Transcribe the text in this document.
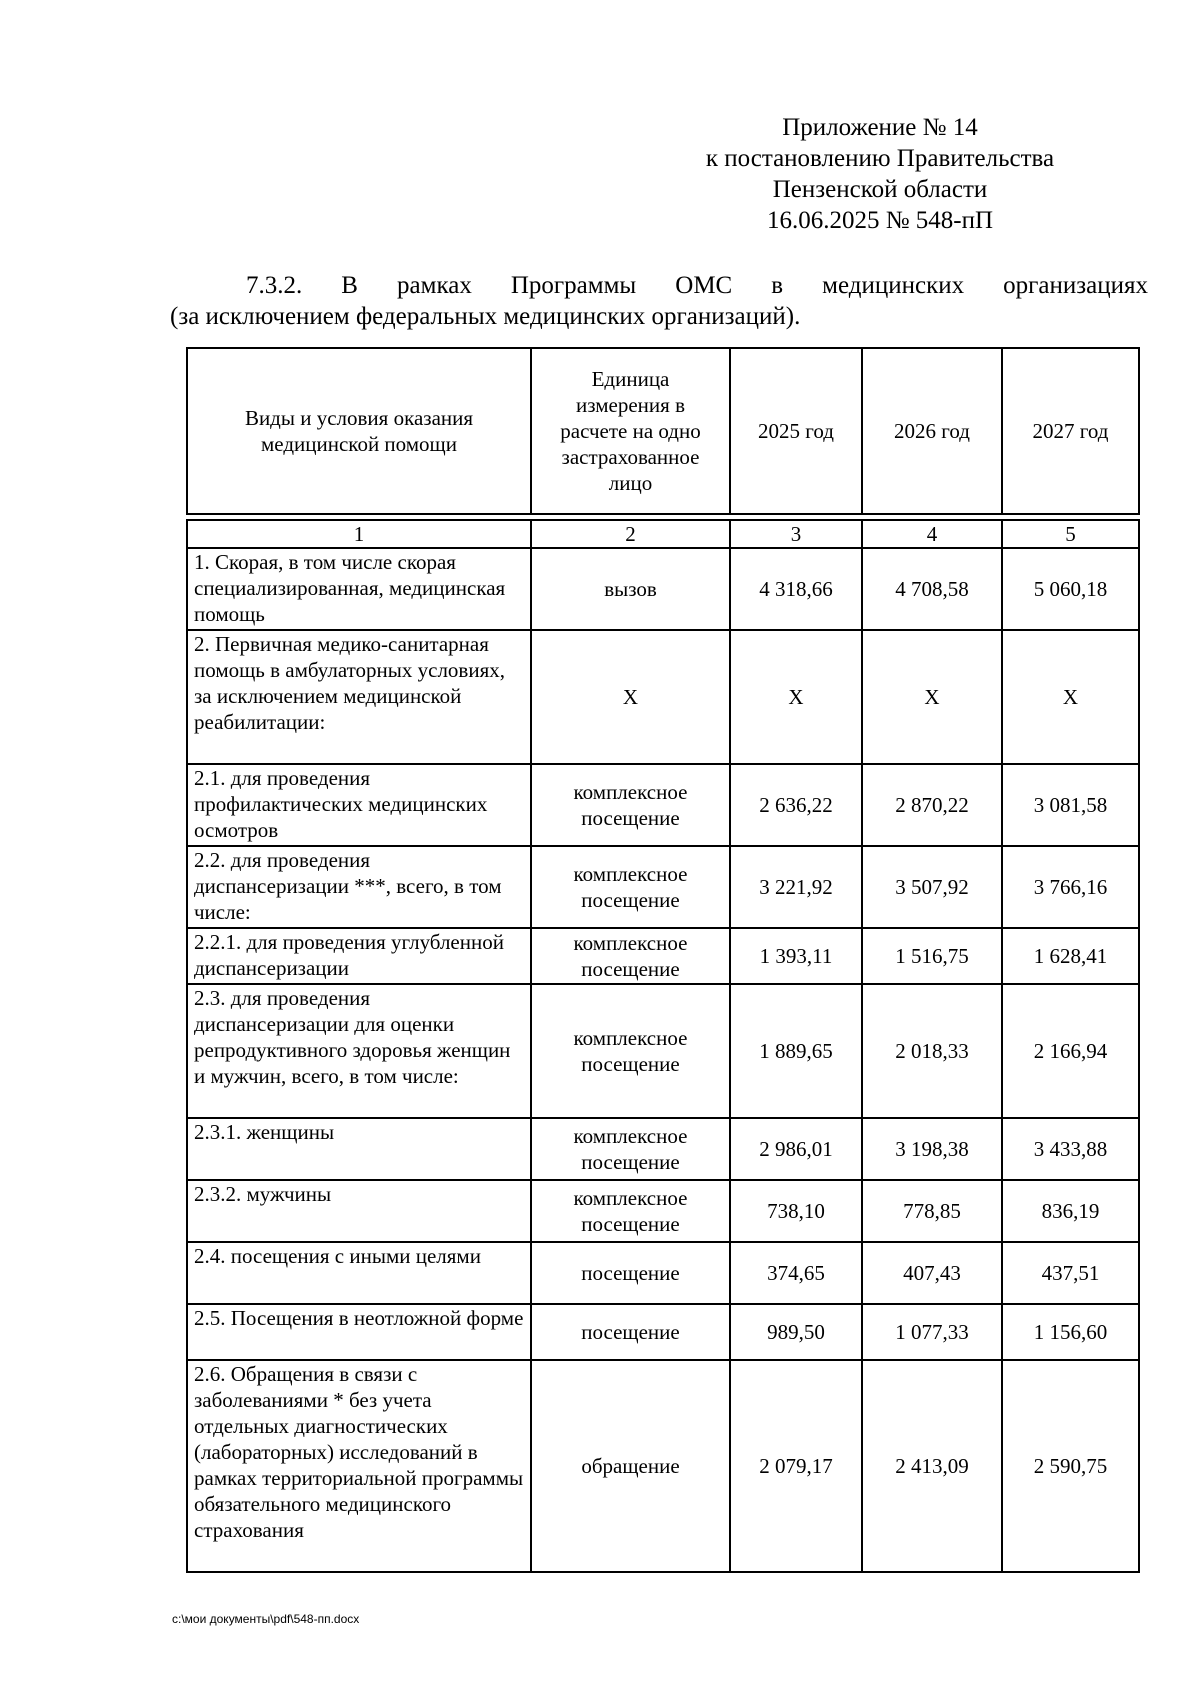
Приложение № 14
к постановлению Правительства
Пензенской области
16.06.2025 № 548-пП
7.3.2. В рамках Программы ОМС в медицинских организациях
(за исключением федеральных медицинских организаций).
Виды и условия оказания медицинской помощи	Единица измерения в расчете на одно застрахованное лицо	2025 год	2026 год	2027 год
1	2	3	4	5
1. Скорая, в том числе скорая специализированная, медицинская помощь	вызов	4 318,66	4 708,58	5 060,18
2. Первичная медико-санитарная помощь в амбулаторных условиях, за исключением медицинской реабилитации:	Х	Х	Х	Х
2.1. для проведения профилактических медицинских осмотров	комплексное посещение	2 636,22	2 870,22	3 081,58
2.2. для проведения диспансеризации ***, всего, в том числе:	комплексное посещение	3 221,92	3 507,92	3 766,16
2.2.1. для проведения углубленной диспансеризации	комплексное посещение	1 393,11	1 516,75	1 628,41
2.3. для проведения диспансеризации для оценки репродуктивного здоровья женщин и мужчин, всего, в том числе:	комплексное посещение	1 889,65	2 018,33	2 166,94
2.3.1. женщины	комплексное посещение	2 986,01	3 198,38	3 433,88
2.3.2. мужчины	комплексное посещение	738,10	778,85	836,19
2.4. посещения с иными целями	посещение	374,65	407,43	437,51
2.5. Посещения в неотложной форме	посещение	989,50	1 077,33	1 156,60
2.6. Обращения в связи с заболеваниями * без учета отдельных диагностических (лабораторных) исследований в рамках территориальной программы обязательного медицинского страхования	обращение	2 079,17	2 413,09	2 590,75
c:\мои документы\pdf\548-пп.docx
